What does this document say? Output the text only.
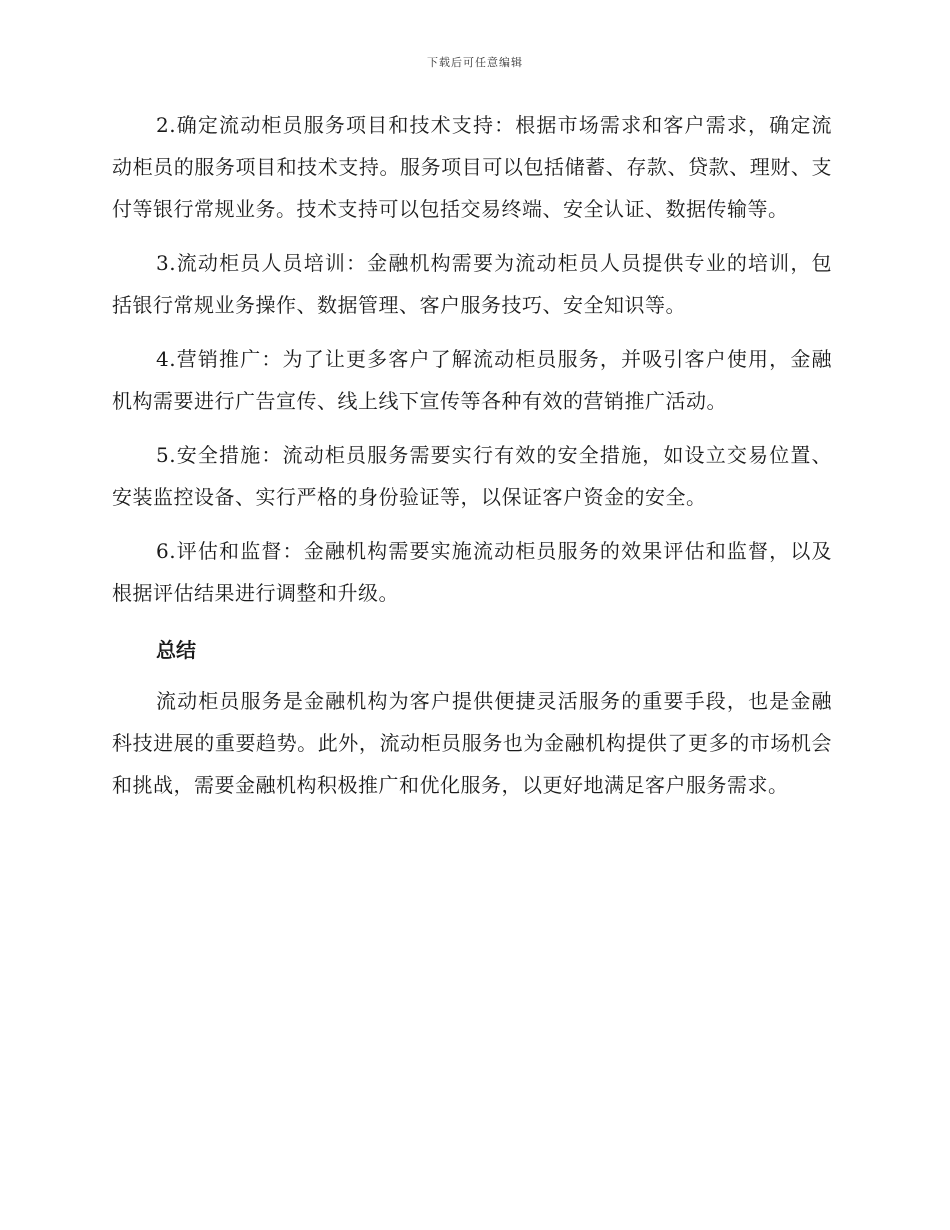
下载后可任意编辑

2.确定流动柜员服务项目和技术支持：根据市场需求和客户需求，确定流动柜员的服务项目和技术支持。服务项目可以包括储蓄、存款、贷款、理财、支付等银行常规业务。技术支持可以包括交易终端、安全认证、数据传输等。

3.流动柜员人员培训：金融机构需要为流动柜员人员提供专业的培训，包括银行常规业务操作、数据管理、客户服务技巧、安全知识等。

4.营销推广：为了让更多客户了解流动柜员服务，并吸引客户使用，金融机构需要进行广告宣传、线上线下宣传等各种有效的营销推广活动。

5.安全措施：流动柜员服务需要实行有效的安全措施，如设立交易位置、安装监控设备、实行严格的身份验证等，以保证客户资金的安全。

6.评估和监督：金融机构需要实施流动柜员服务的效果评估和监督，以及根据评估结果进行调整和升级。

总结

流动柜员服务是金融机构为客户提供便捷灵活服务的重要手段，也是金融科技进展的重要趋势。此外，流动柜员服务也为金融机构提供了更多的市场机会和挑战，需要金融机构积极推广和优化服务，以更好地满足客户服务需求。
